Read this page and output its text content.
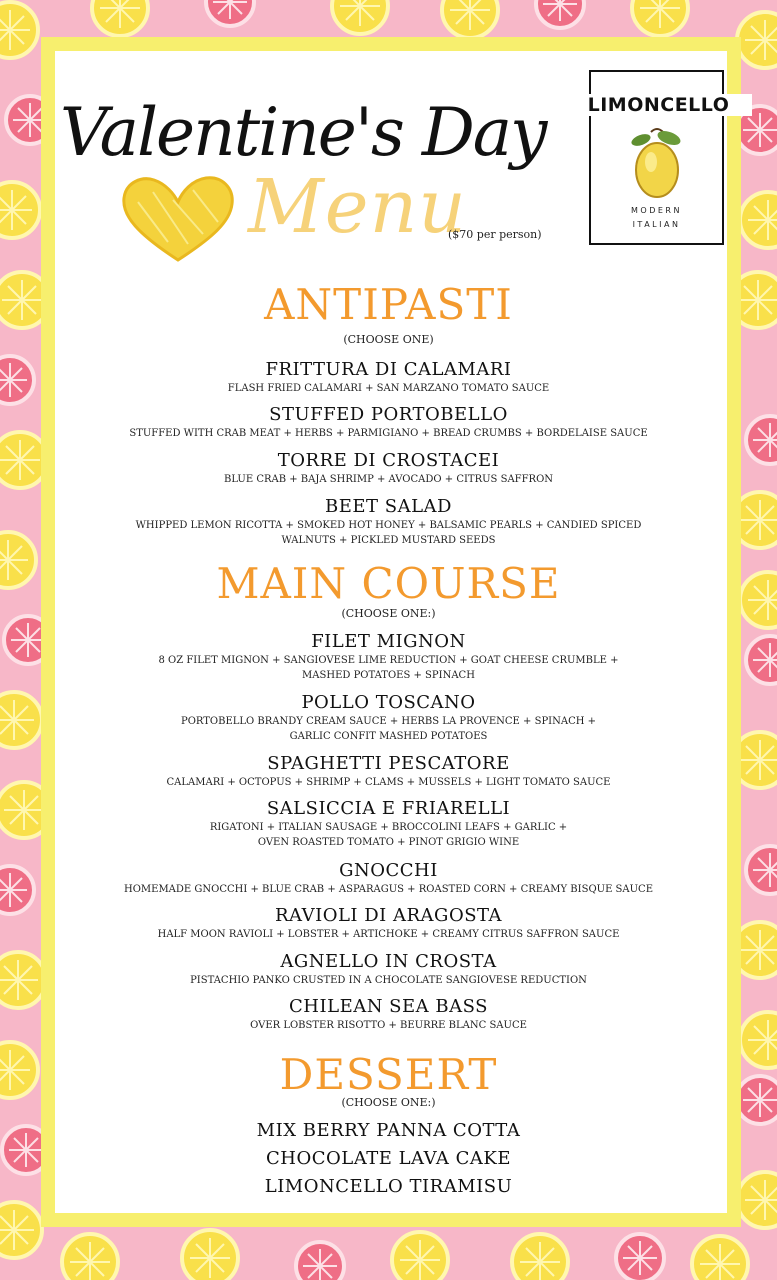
Valentine's Day
Menu
($70 per person)
LIMONCELLO
MODERN
ITALIAN
ANTIPASTI
(CHOOSE ONE)
FRITTURA DI CALAMARI
FLASH FRIED CALAMARI + SAN MARZANO TOMATO SAUCE
STUFFED PORTOBELLO
STUFFED WITH CRAB MEAT + HERBS + PARMIGIANO + BREAD CRUMBS + BORDELAISE SAUCE
TORRE DI CROSTACEI
BLUE CRAB + BAJA SHRIMP + AVOCADO + CITRUS SAFFRON
BEET SALAD
WHIPPED LEMON RICOTTA + SMOKED HOT HONEY + BALSAMIC PEARLS + CANDIED SPICED
WALNUTS + PICKLED MUSTARD SEEDS
MAIN COURSE
(CHOOSE ONE:)
FILET MIGNON
8 OZ FILET MIGNON + SANGIOVESE LIME REDUCTION + GOAT CHEESE CRUMBLE +
MASHED POTATOES + SPINACH
POLLO TOSCANO
PORTOBELLO BRANDY CREAM SAUCE + HERBS LA PROVENCE + SPINACH +
GARLIC CONFIT MASHED POTATOES
SPAGHETTI PESCATORE
CALAMARI + OCTOPUS + SHRIMP + CLAMS + MUSSELS + LIGHT TOMATO SAUCE
SALSICCIA E FRIARELLI
RIGATONI + ITALIAN SAUSAGE + BROCCOLINI LEAFS + GARLIC +
OVEN ROASTED TOMATO + PINOT GRIGIO WINE
GNOCCHI
HOMEMADE GNOCCHI + BLUE CRAB + ASPARAGUS + ROASTED CORN + CREAMY BISQUE SAUCE
RAVIOLI DI ARAGOSTA
HALF MOON RAVIOLI + LOBSTER + ARTICHOKE + CREAMY CITRUS SAFFRON SAUCE
AGNELLO IN CROSTA
PISTACHIO PANKO CRUSTED IN A CHOCOLATE SANGIOVESE REDUCTION
CHILEAN SEA BASS
OVER LOBSTER RISOTTO + BEURRE BLANC SAUCE
DESSERT
(CHOOSE ONE:)
MIX BERRY PANNA COTTA
CHOCOLATE LAVA CAKE
LIMONCELLO TIRAMISU
